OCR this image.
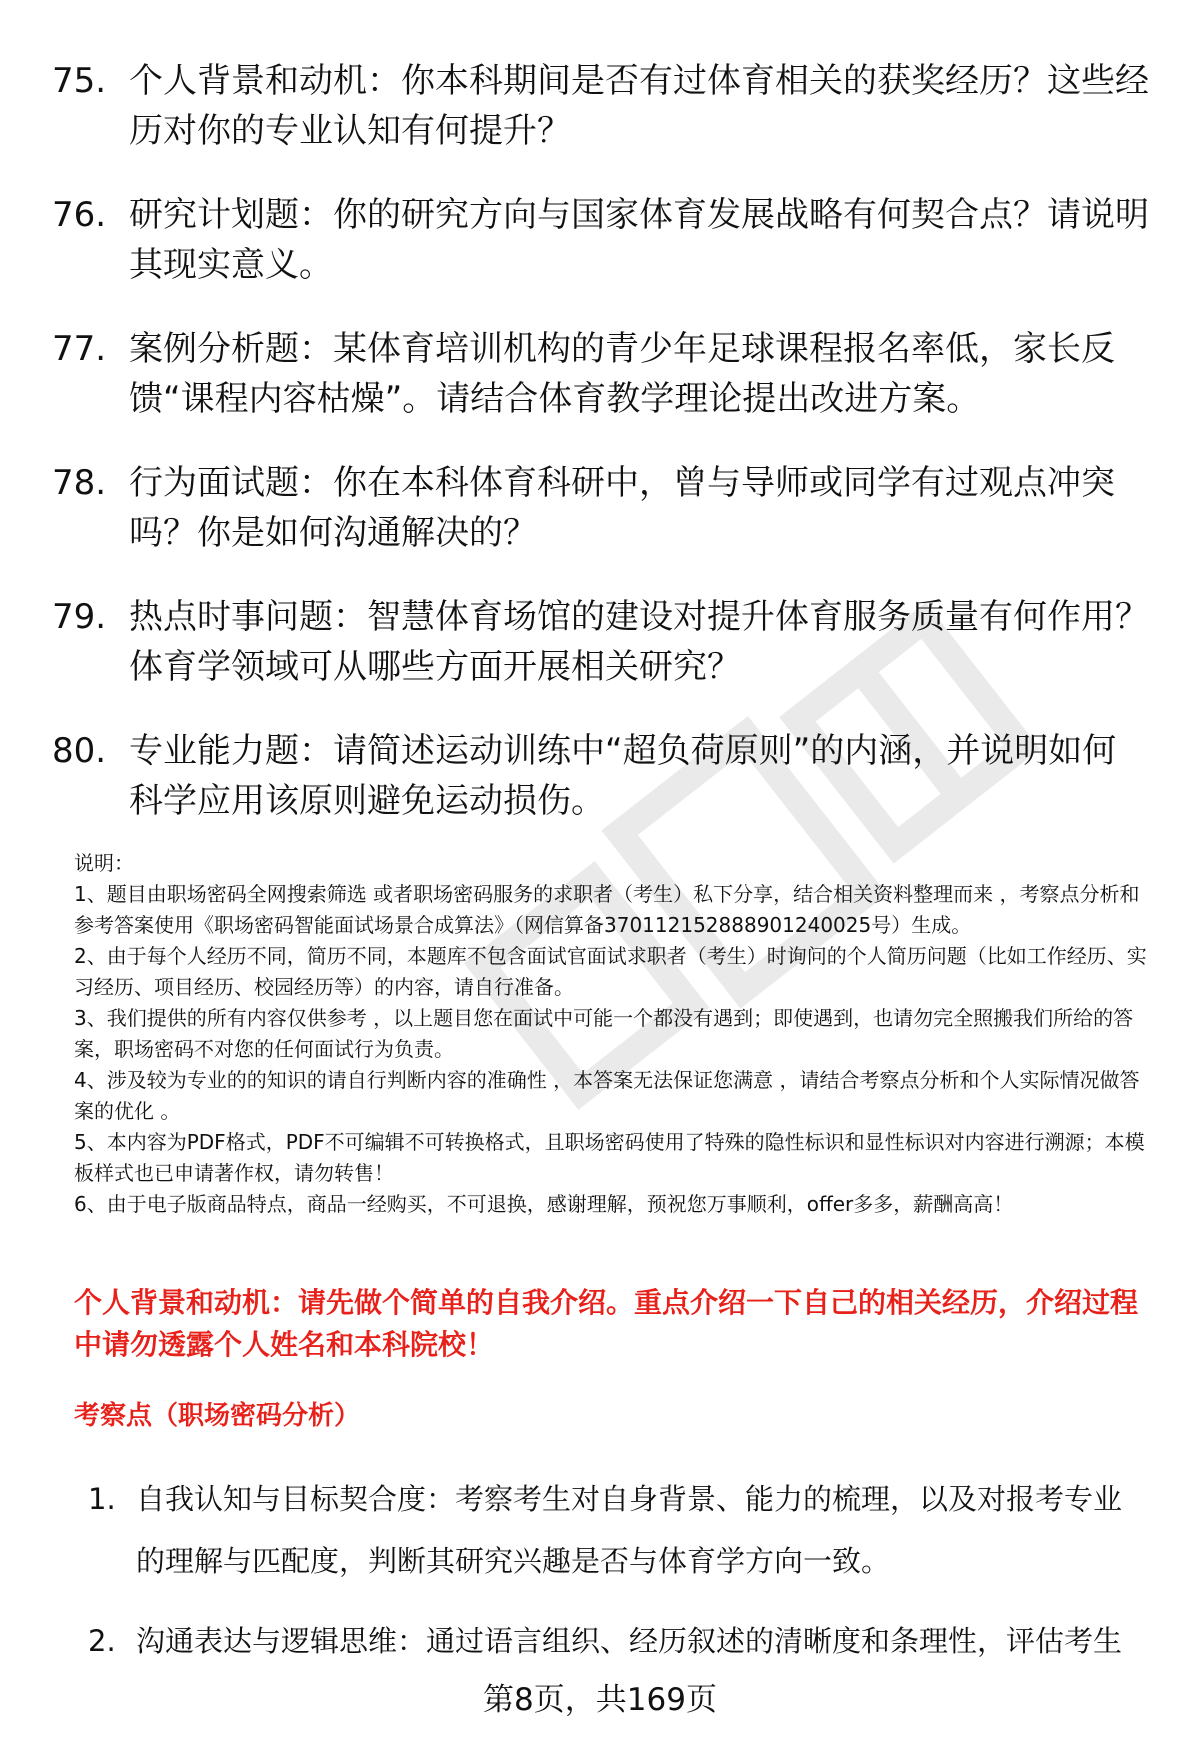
75. 个人背景和动机：你本科期间是否有过体育相关的获奖经历？这些经历对你的专业认知有何提升？
76. 研究计划题：你的研究方向与国家体育发展战略有何契合点？请说明其现实意义。
77. 案例分析题：某体育培训机构的青少年足球课程报名率低，家长反馈“课程内容枯燥”。请结合体育教学理论提出改进方案。
78. 行为面试题：你在本科体育科研中，曾与导师或同学有过观点冲突吗？你是如何沟通解决的？
79. 热点时事问题：智慧体育场馆的建设对提升体育服务质量有何作用？体育学领域可从哪些方面开展相关研究？
80. 专业能力题：请简述运动训练中“超负荷原则”的内涵，并说明如何科学应用该原则避免运动损伤。

说明：

1、题目由职场密码全网搜索筛选 或者职场密码服务的求职者（考生）私下分享，结合相关资料整理而来 ，考察点分析和参考答案使用《职场密码智能面试场景合成算法》（网信算备370112152888901240025号）生成。

2、由于每个人经历不同，简历不同，本题库不包含面试官面试求职者（考生）时询问的个人简历问题（比如工作经历、实习经历、项目经历、校园经历等）的内容，请自行准备。

3、我们提供的所有内容仅供参考 ，以上题目您在面试中可能一个都没有遇到；即使遇到，也请勿完全照搬我们所给的答案，职场密码不对您的任何面试行为负责。

4、涉及较为专业的的知识的请自行判断内容的准确性 ，本答案无法保证您满意 ，请结合考察点分析和个人实际情况做答案的优化 。

5、本内容为PDF格式，PDF不可编辑不可转换格式，且职场密码使用了特殊的隐性标识和显性标识对内容进行溯源；本模板样式也已申请著作权，请勿转售！

6、由于电子版商品特点，商品一经购买，不可退换，感谢理解，预祝您万事顺利，offer多多，薪酬高高！

个人背景和动机：请先做个简单的自我介绍。重点介绍一下自己的相关经历，介绍过程中请勿透露个人姓名和本科院校！
考察点（职场密码分析）
1. 自我认知与目标契合度：考察考生对自身背景、能力的梳理，以及对报考专业的理解与匹配度，判断其研究兴趣是否与体育学方向一致。
2. 沟通表达与逻辑思维：通过语言组织、经历叙述的清晰度和条理性，评估考生
第8页，共169页
